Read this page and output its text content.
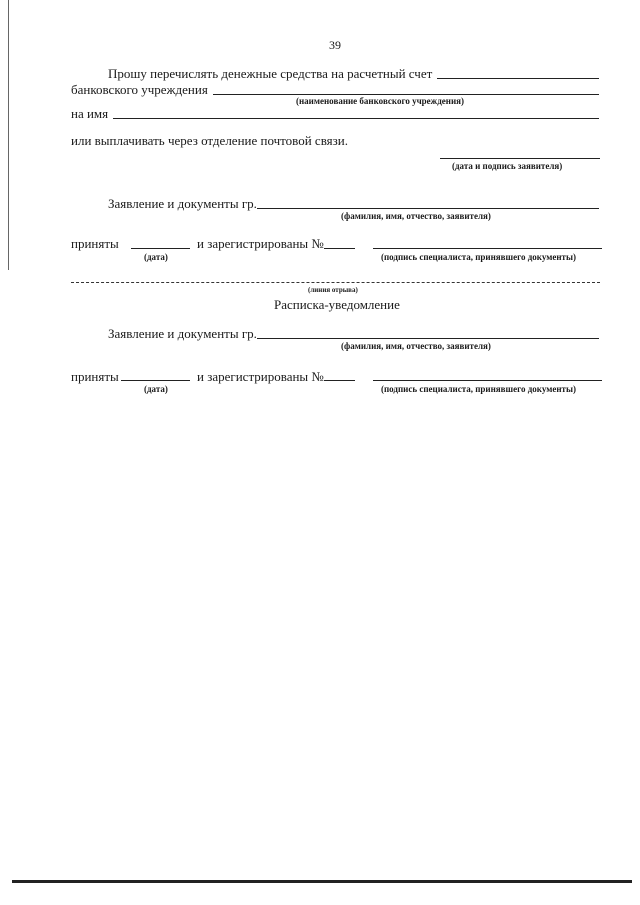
39
Прошу перечислять денежные средства на расчетный счет
банковского учреждения
(наименование банковского учреждения)
на имя
или выплачивать через отделение почтовой связи.
(дата и подпись заявителя)
Заявление и документы гр.
(фамилия, имя, отчество, заявителя)
приняты	и зарегистрированы №
(дата)	(подпись специалиста, принявшего документы)
(линия отрыва)
Расписка-уведомление
Заявление и документы гр.
(фамилия, имя, отчество, заявителя)
приняты	и зарегистрированы №
(дата)	(подпись специалиста, принявшего документы)
